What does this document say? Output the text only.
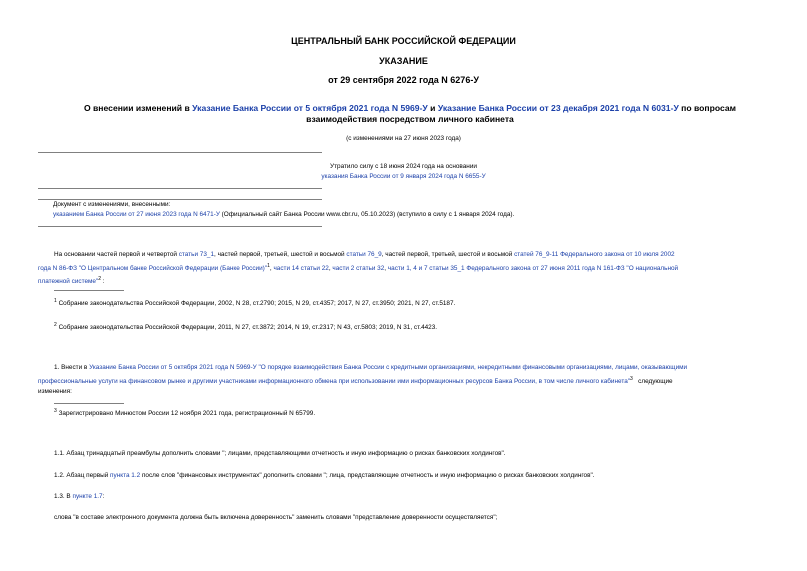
ЦЕНТРАЛЬНЫЙ БАНК РОССИЙСКОЙ ФЕДЕРАЦИИ
УКАЗАНИЕ
от 29 сентября 2022 года N 6276-У
О внесении изменений в Указание Банка России от 5 октября 2021 года N 5969-У и Указание Банка России от 23 декабря 2021 года N 6031-У по вопросам
взаимодействия посредством личного кабинета
(с изменениями на 27 июня 2023 года)
Утратило силу с 18 июня 2024 года на основании
указания Банка России от 9 января 2024 года N 6655-У
Документ с изменениями, внесенными:
указанием Банка России от 27 июня 2023 года N 6471-У (Официальный сайт Банка России www.cbr.ru, 05.10.2023) (вступило в силу с 1 января 2024 года).
На основании частей первой и четвертой статьи 73_1, частей первой, третьей, шестой и восьмой статьи 76_9, частей первой, третьей, шестой и восьмой статей 76_9-11 Федерального закона от 10 июля 2002
года N 86-ФЗ "О Центральном банке Российской Федерации (Банке России)"$^1$, части 14 статьи 22, части 2 статьи 32, части 1, 4 и 7 статьи 35_1 Федерального закона от 27 июня 2011 года N 161-ФЗ "О национальной
платежной системе"$^2$ :
$^1$ Собрание законодательства Российской Федерации, 2002, N 28, ст.2790; 2015, N 29, ст.4357; 2017, N 27, ст.3950; 2021, N 27, ст.5187.
$^2$ Собрание законодательства Российской Федерации, 2011, N 27, ст.3872; 2014, N 19, ст.2317; N 43, ст.5803; 2019, N 31, ст.4423.
1. Внести в Указание Банка России от 5 октября 2021 года N 5969-У "О порядке взаимодействия Банка России с кредитными организациями, некредитными финансовыми организациями, лицами, оказывающими
профессиональные услуги на финансовом рынке и другими участниками информационного обмена при использовании ими информационных ресурсов Банка России, в том числе личного кабинета"$^3$   следующие
изменения:
$^3$ Зарегистрировано Минюстом России 12 ноября 2021 года, регистрационный N 65799.
1.1. Абзац тринадцатый преамбулы дополнить словами "; лицами, представляющими отчетность и иную информацию о рисках банковских холдингов".
1.2. Абзац первый пункта 1.2 после слов "финансовых инструментах" дополнить словами "; лица, представляющие отчетность и иную информацию о рисках банковских холдингов".
1.3. В пункте 1.7:
слова "в составе электронного документа должна быть включена доверенность" заменить словами "представление доверенности осуществляется";
